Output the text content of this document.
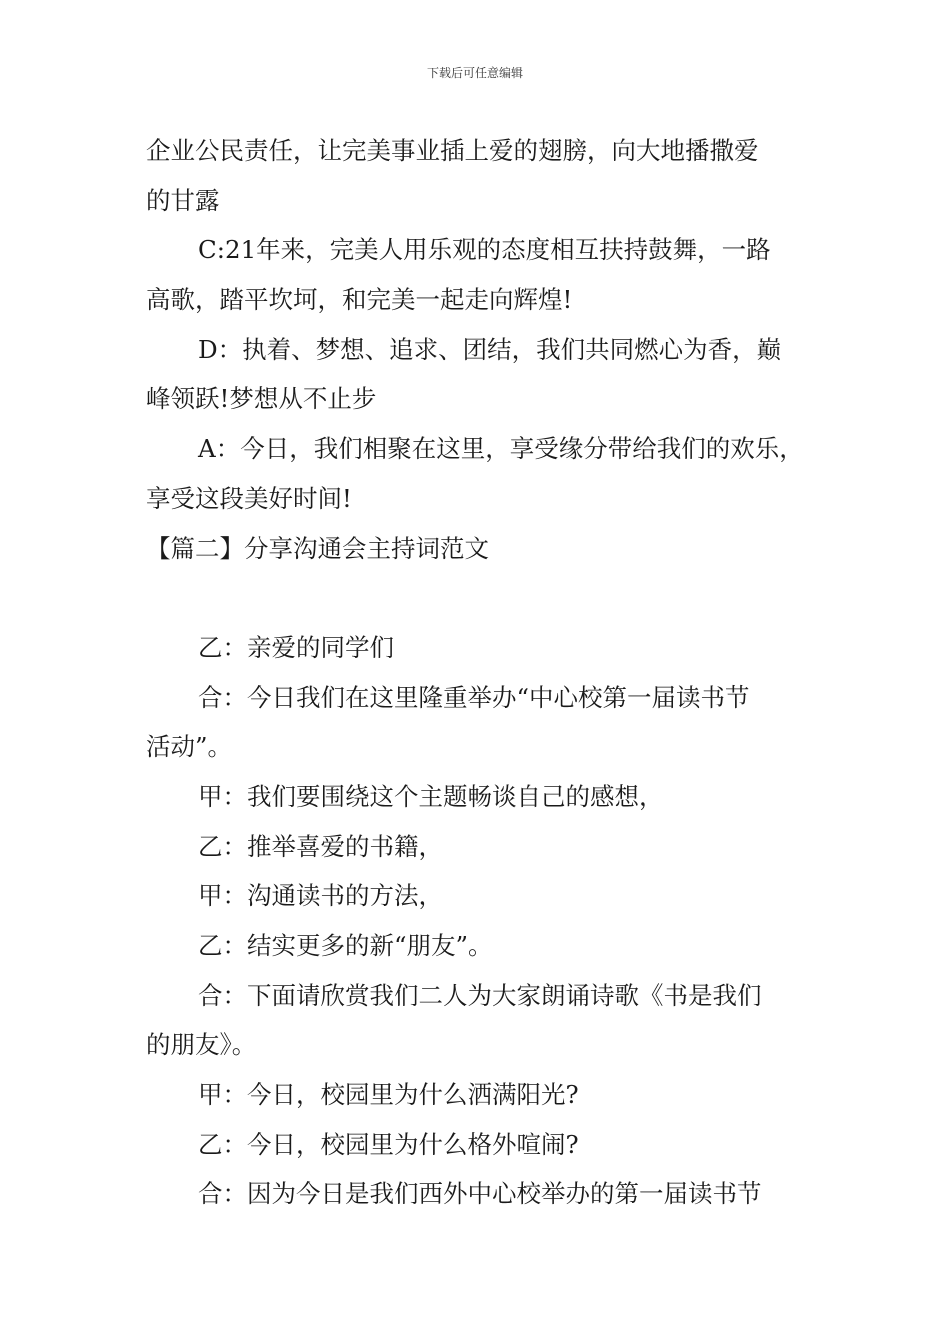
下载后可任意编辑

企业公民责任，让完美事业插上爱的翅膀，向大地播撒爱

的甘露

C:21年来，完美人用乐观的态度相互扶持鼓舞，一路

高歌，踏平坎坷，和完美一起走向辉煌!

D：执着、梦想、追求、团结，我们共同燃心为香，巅

峰领跃!梦想从不止步

A：今日，我们相聚在这里，享受缘分带给我们的欢乐，

享受这段美好时间!

【篇二】分享沟通会主持词范文

乙：亲爱的同学们

合：今日我们在这里隆重举办“中心校第一届读书节

活动”。

甲：我们要围绕这个主题畅谈自己的感想，

乙：推举喜爱的书籍，

甲：沟通读书的方法，

乙：结实更多的新“朋友”。

合：下面请欣赏我们二人为大家朗诵诗歌《书是我们

的朋友》。

甲：今日，校园里为什么洒满阳光?

乙：今日，校园里为什么格外喧闹?

合：因为今日是我们西外中心校举办的第一届读书节
